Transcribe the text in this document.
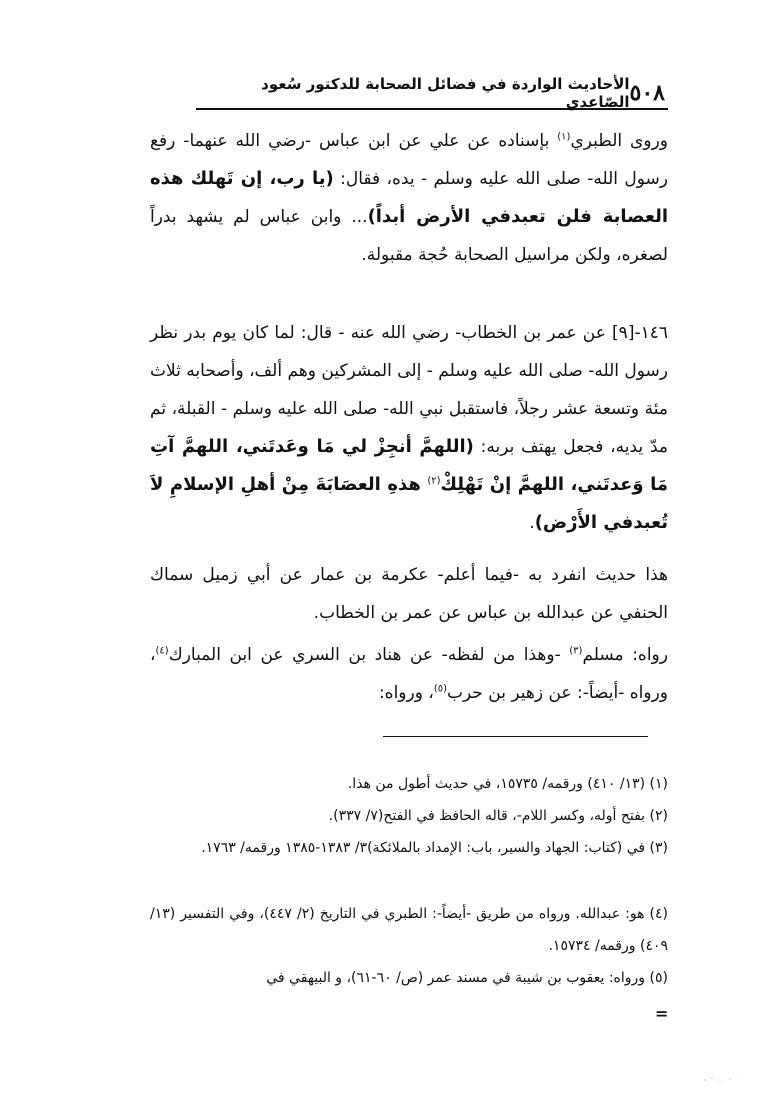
٥٠٨
الأحاديث الواردة في فضائل الصحابة للدكتور سُعود الصّاعدي
وروى الطبري$^{(١)}$ بإسناده عن علي عن ابن عباس -رضي الله عنهما- رفع رسول الله- صلى الله عليه وسلم - يده، فقال: (يا رب، إن تَهلك هذه العصابة فلن تعبدفي الأرض أبداً)... وابن عباس لم يشهد بدراً لصغره، ولكن مراسيل الصحابة حُجة مقبولة.
١٤٦-[٩] عن عمر بن الخطاب- رضي الله عنه - قال: لما كان يوم بدر نظر رسول الله- صلى الله عليه وسلم - إلى المشركين وهم ألف، وأصحابه ثلاث مئة وتسعة عشر رجلاً، فاستقبل نبي الله- صلى الله عليه وسلم - القبلة، ثم مدّ يديه، فجعل يهتف بربه: (اللهمَّ أنجِزْ لي مَا وعَدتَني، اللهمَّ آتِ مَا وَعدتَني، اللهمَّ إنْ تَهْلِكْ$^{(٢)}$ هذهِ العصَابَةَ مِنْ أهلِ الإسلامِ لاَ تُعبدفي الأَرْض).
هذا حديث انفرد به -فيما أعلم- عكرمة بن عمار عن أبي زميل سماك الحنفي عن عبدالله بن عباس عن عمر بن الخطاب.
رواه: مسلم$^{(٣)}$ -وهذا من لفظه- عن هناد بن السري عن ابن المبارك$^{(٤)}$، ورواه -أيضاً-: عن زهير بن حرب$^{(٥)}$، ورواه:
(١) (١٣/ ٤١٠) ورقمه/ ١٥٧٣٥، في حديث أطول من هذا.
(٢) بفتح أوله، وكسر اللام-، قاله الحافظ في الفتح(٧/ ٣٣٧).
(٣) في (كتاب: الجهاد والسير، باب: الإمداد بالملائكة)٣/ ١٣٨٣-١٣٨٥ ورقمه/ ١٧٦٣.
(٤) هو: عبدالله. ورواه من طريق -أيضاً-: الطبري في التاريخ (٢/ ٤٤٧)، وفي التفسير (١٣/ ٤٠٩) ورقمه/ ١٥٧٣٤.
(٥) ورواه: يعقوب بن شيبة في مسند عمر (ص/ ٦٠-٦١)، و البيهقي في
=
